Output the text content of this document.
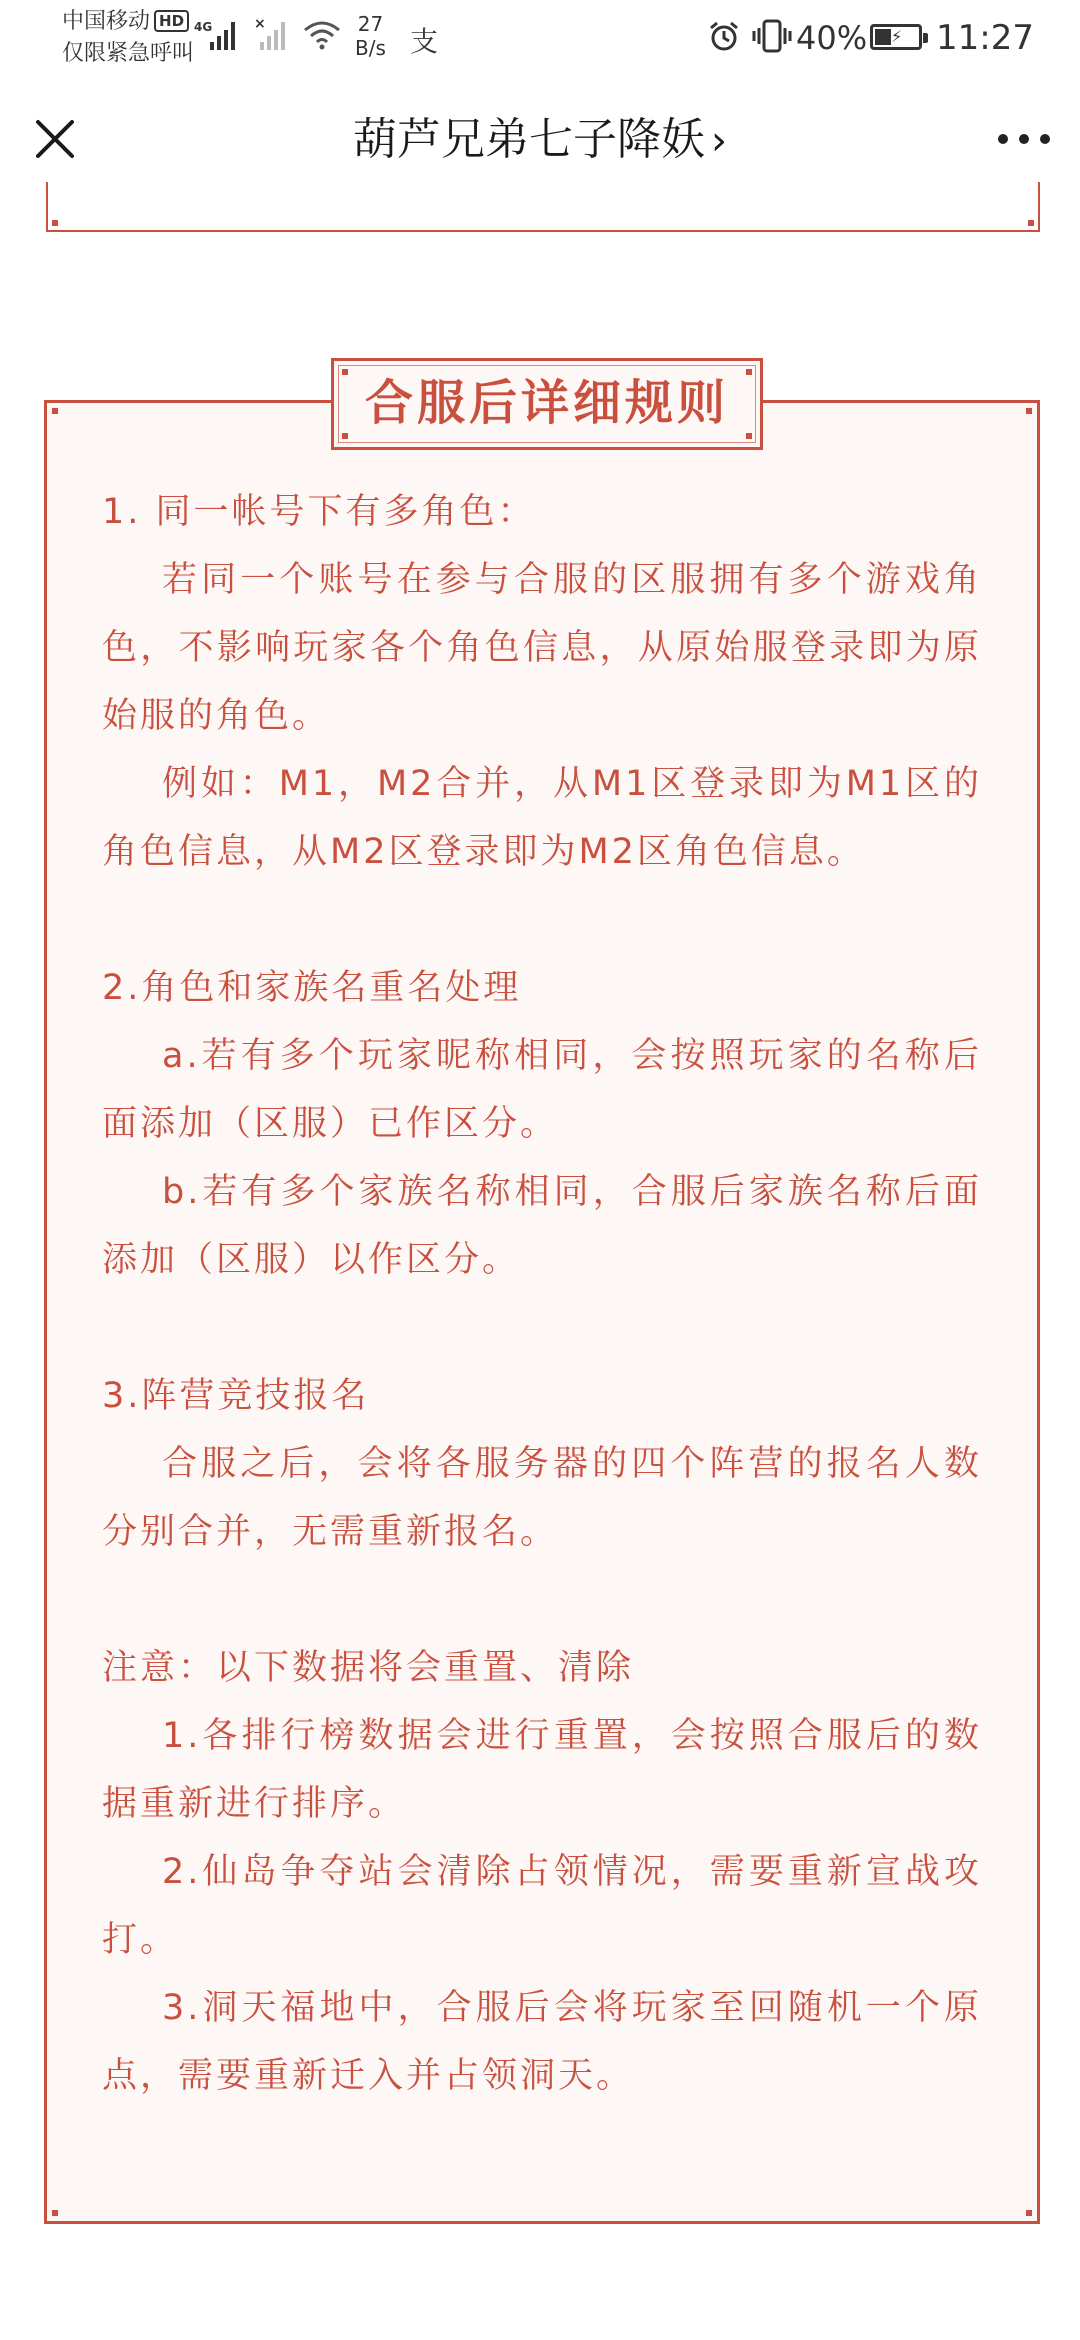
中国移动 HD
仅限紧急呼叫
4G	×	27
B/s 支	40% ⚡ 11:27
葫芦兄弟七子降妖 ›
合服后详细规则

1. 同一帐号下有多角色：

若同一个账号在参与合服的区服拥有多个游戏角色，不影响玩家各个角色信息，从原始服登录即为原始服的角色。

例如：M1，M2合并，从M1区登录即为M1区的角色信息，从M2区登录即为M2区角色信息。

2.角色和家族名重名处理

a.若有多个玩家昵称相同，会按照玩家的名称后面添加（区服）已作区分。

b.若有多个家族名称相同，合服后家族名称后面添加（区服）以作区分。

3.阵营竞技报名

合服之后，会将各服务器的四个阵营的报名人数分别合并，无需重新报名。

注意：以下数据将会重置、清除

1.各排行榜数据会进行重置，会按照合服后的数据重新进行排序。

2.仙岛争夺站会清除占领情况，需要重新宣战攻打。

3.洞天福地中，合服后会将玩家至回随机一个原点，需要重新迁入并占领洞天。
